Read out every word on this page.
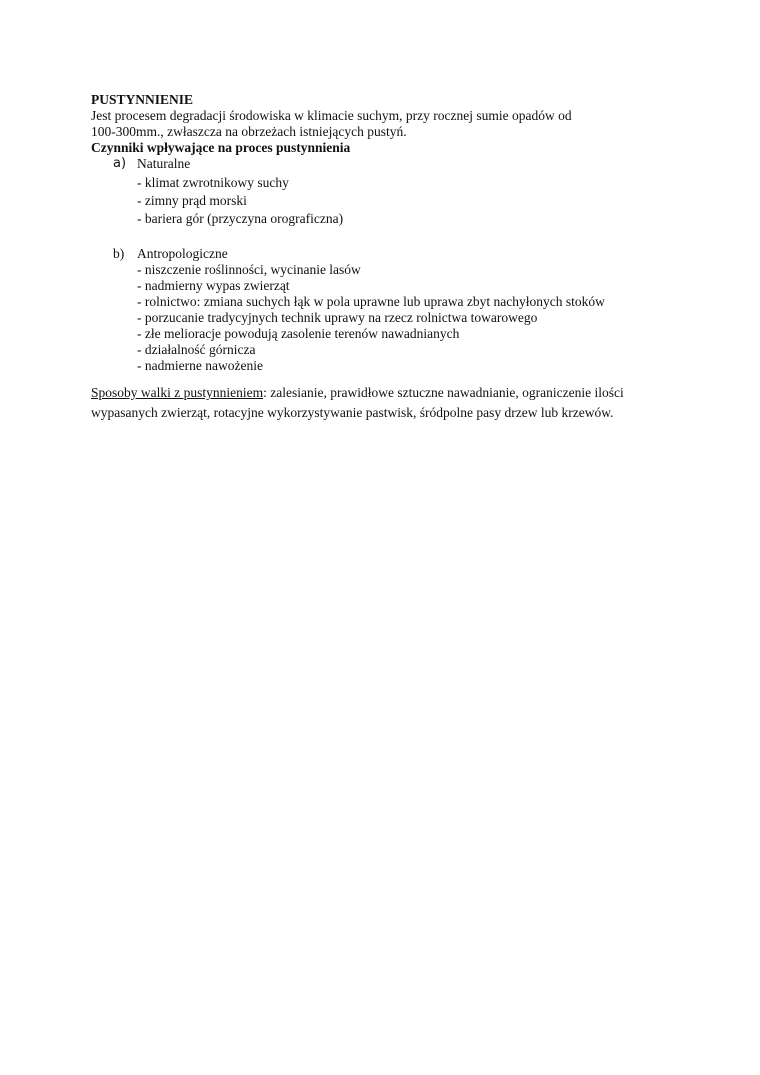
PUSTYNNIENIE
Jest procesem degradacji środowiska w klimacie suchym, przy rocznej sumie opadów od
100-300mm., zwłaszcza na obrzeżach istniejących pustyń.
Czynniki wpływające na proces pustynnienia
a) Naturalne
- klimat zwrotnikowy suchy
- zimny prąd morski
- bariera gór (przyczyna orograficzna)
b) Antropologiczne
- niszczenie roślinności, wycinanie lasów
- nadmierny wypas zwierząt
- rolnictwo: zmiana suchych łąk w pola uprawne lub uprawa zbyt nachyłonych stoków
- porzucanie tradycyjnych technik uprawy na rzecz rolnictwa towarowego
- złe melioracje powodują zasolenie terenów nawadnianych
- działalność górnicza
- nadmierne nawożenie
Sposoby walki z pustynnieniem: zalesianie, prawidłowe sztuczne nawadnianie, ograniczenie ilości wypasanych zwierząt, rotacyjne wykorzystywanie pastwisk, śródpolne pasy drzew lub krzewów.
